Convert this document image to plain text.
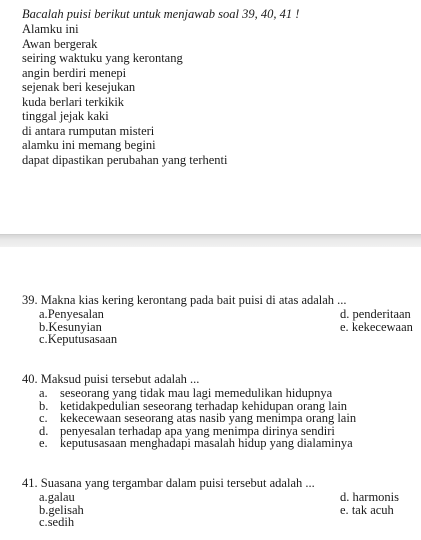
Bacalah puisi berikut untuk menjawab soal 39, 40, 41 !
Alamku ini
Awan bergerak
seiring waktuku yang kerontang
angin berdiri menepi
sejenak beri kesejukan
kuda berlari terkikik
tinggal jejak kaki
di antara rumputan misteri
alamku ini memang begini
dapat dipastikan perubahan yang terhenti
39. Makna kias kering kerontang pada bait puisi di atas adalah ...
a.Penyesalan	d. penderitaan
b.Kesunyian	e. kekecewaan
c.Keputusasaan
40. Maksud puisi tersebut adalah ...
a. seseorang yang tidak mau lagi memedulikan hidupnya
b. ketidakpedulian seseorang terhadap kehidupan orang lain
c. kekecewaan seseorang atas nasib yang menimpa orang lain
d. penyesalan terhadap apa yang menimpa dirinya sendiri
e. keputusasaan menghadapi masalah hidup yang dialaminya
41. Suasana yang tergambar dalam puisi tersebut adalah ...
a.galau	d. harmonis
b.gelisah	e. tak acuh
c.sedih
